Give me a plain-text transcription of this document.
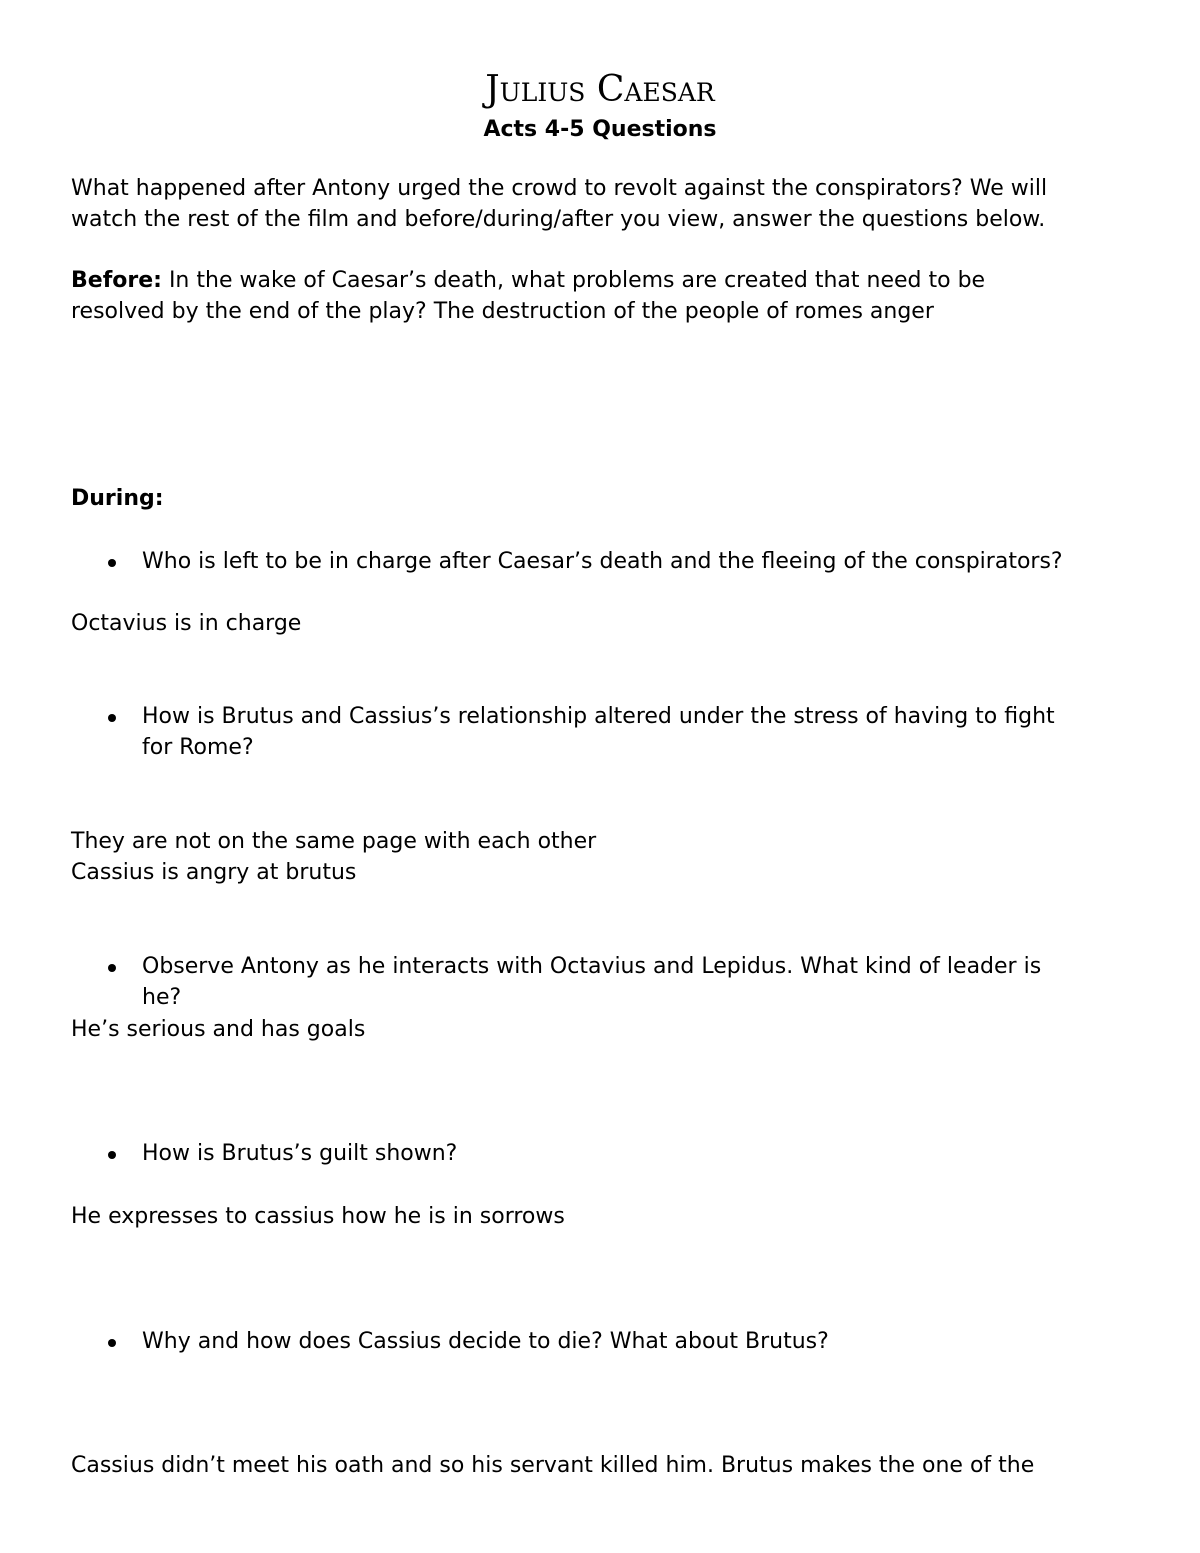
Julius Caesar
Acts 4-5 Questions
What happened after Antony urged the crowd to revolt against the conspirators? We will
watch the rest of the film and before/during/after you view, answer the questions below.
Before: In the wake of Caesar’s death, what problems are created that need to be
resolved by the end of the play? The destruction of the people of romes anger
During:
Who is left to be in charge after Caesar’s death and the fleeing of the conspirators?
Octavius is in charge
How is Brutus and Cassius’s relationship altered under the stress of having to fight
for Rome?
They are not on the same page with each other
Cassius is angry at brutus
Observe Antony as he interacts with Octavius and Lepidus. What kind of leader is
he?
He’s serious and has goals
How is Brutus’s guilt shown?
He expresses to cassius how he is in sorrows
Why and how does Cassius decide to die? What about Brutus?
Cassius didn’t meet his oath and so his servant killed him. Brutus makes the one of the
